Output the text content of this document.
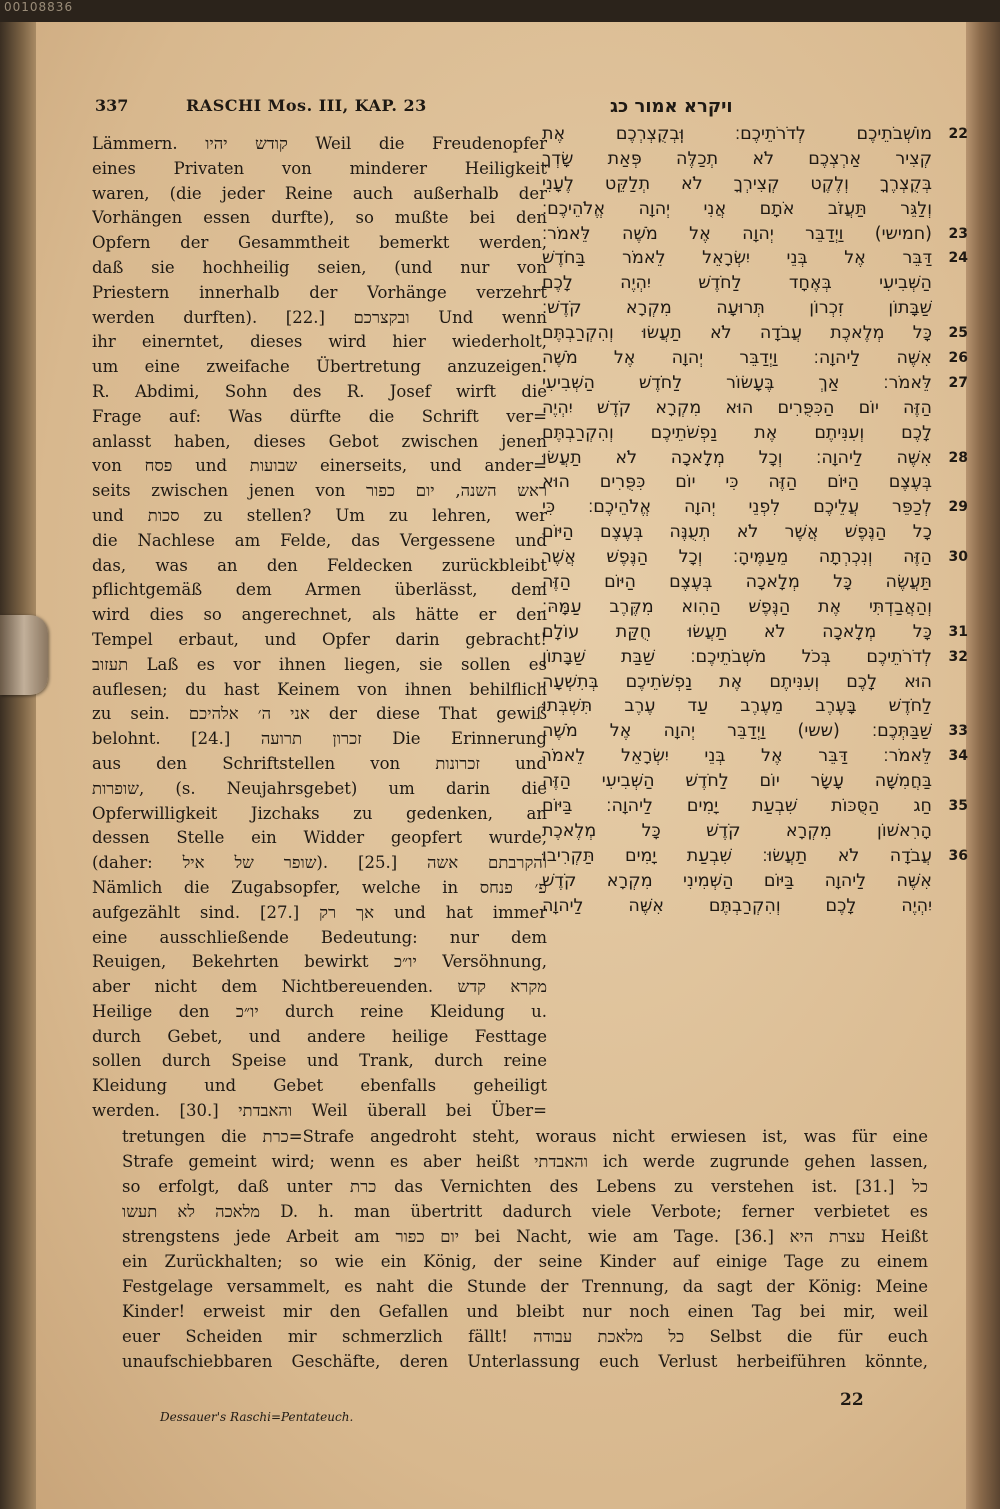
00108836
337	RASCHI Mos. III, KAP. 23	ויקרא אמור כג
Lämmern. קודש יהיו Weil die Freudenopfer
eines Privaten von minderer Heiligkeit
waren, (die jeder Reine auch außerhalb der
Vorhängen essen durfte), so mußte bei den
Opfern der Gesammtheit bemerkt werden,
daß sie hochheilig seien, (und nur von
Priestern innerhalb der Vorhänge verzehrt
werden durften). [22.] ובקצרכם Und wenn
ihr einerntet, dieses wird hier wiederholt,
um eine zweifache Übertretung anzuzeigen.
R. Abdimi, Sohn des R. Josef wirft die
Frage auf: Was dürfte die Schrift ver=
anlasst haben, dieses Gebot zwischen jenen
von פסח und שבועות einerseits, und ander=
seits zwischen jenen von ראש השנה, יום כפור
und סכות zu stellen? Um zu lehren, wer
die Nachlese am Felde, das Vergessene und
das, was an den Feldecken zurückbleibt
pflichtgemäß dem Armen überlässt, dem
wird dies so angerechnet, als hätte er den
Tempel erbaut, und Opfer darin gebracht!
תעזוב Laß es vor ihnen liegen, sie sollen es
auflesen; du hast Keinem von ihnen behilflich
zu sein. אני ה׳ אלהיכם der diese That gewiß
belohnt. [24.] זכרון תרועה Die Erinnerung
aus den Schriftstellen von זכרונות und
שופרות, (s. Neujahrsgebet) um darin die
Opferwilligkeit Jizchaks zu gedenken, an
dessen Stelle ein Widder geopfert wurde,
(daher: שופר של איל). [25.] והקרבתם אשה
Nämlich die Zugabsopfer, welche in פ׳ פנחס
aufgezählt sind. [27.] אך רק und hat immer
eine ausschließende Bedeutung: nur dem
Reuigen, Bekehrten bewirkt יו״כ Versöhnung,
aber nicht dem Nichtbereuenden. מקרא קדש
Heilige den יו״כ durch reine Kleidung u.
durch Gebet, und andere heilige Festtage
sollen durch Speise und Trank, durch reine
Kleidung und Gebet ebenfalls geheiligt
werden. [30.] והאבדתי Weil überall bei Über=
מוֹשְׁבֹתֵיכֶם לְדֹרֹתֵיכֶם׃ וּֽבְקֻצְרְכֶם אֶת	22
קְצִיר אַרְצְכֶם לֹא תְכַלֶּה פְּאַת שָׂדְךָ
בְּקֻצְרֶךָ וְלֶקֶט קְצִירְךָ לֹא תְלַקֵּט לֶעָנִי
וְלַגֵּר תַּעֲזֹב אֹתָם אֲנִי יְהוָה אֱלֹהֵיכֶם׃
(חמישי) וַיְדַבֵּר יְהוָה אֶל מֹשֶׁה לֵּאמֹר׃	23
דַּבֵּר אֶל בְּנֵי יִשְׂרָאֵל לֵאמֹר בַּחֹדֶשׁ	24
הַשְּׁבִיעִי בְּאֶחָד לַחֹדֶשׁ יִהְיֶה לָכֶם
שַׁבָּתוֹן זִכְרוֹן תְּרוּעָה מִקְרָא קֹדֶשׁ׃
כָּל מְלֶאכֶת עֲבֹדָה לֹא תַעֲשׂוּ וְהִקְרַבְתֶּם	25
אִשֶּׁה לַיהוָה׃ וַיְדַבֵּר יְהוָה אֶל מֹשֶׁה	26
לֵּאמֹר׃ אַךְ בֶּעָשׂוֹר לַחֹדֶשׁ הַשְּׁבִיעִי	27
הַזֶּה יוֹם הַכִּפֻּרִים הוּא מִקְרָא קֹדֶשׁ יִהְיֶה
לָכֶם וְעִנִּיתֶם אֶת נַפְשֹׁתֵיכֶם וְהִקְרַבְתֶּם
אִשֶּׁה לַיהוָה׃ וְכָל מְלָאכָה לֹא תַעֲשׂוּ	28
בְּעֶצֶם הַיּוֹם הַזֶּה כִּי יוֹם כִּפֻּרִים הוּא
לְכַפֵּר עֲלֵיכֶם לִפְנֵי יְהוָה אֱלֹהֵיכֶם׃ כִּי	29
כָל הַנֶּפֶשׁ אֲשֶׁר לֹא תְעֻנֶּה בְּעֶצֶם הַיּוֹם
הַזֶּה וְנִכְרְתָה מֵעַמֶּיהָ׃ וְכָל הַנֶּפֶשׁ אֲשֶׁר	30
תַּעֲשֶׂה כָּל מְלָאכָה בְּעֶצֶם הַיּוֹם הַזֶּה
וְהַאֲבַדְתִּי אֶת הַנֶּפֶשׁ הַהִוא מִקֶּרֶב עַמָּהּ׃
כָּל מְלָאכָה לֹא תַעֲשׂוּ חֻקַּת עוֹלָם	31
לְדֹרֹתֵיכֶם בְּכֹל מֹשְׁבֹתֵיכֶם׃ שַׁבַּת שַׁבָּתוֹן	32
הוּא לָכֶם וְעִנִּיתֶם אֶת נַפְשֹׁתֵיכֶם בְּתִשְׁעָה
לַחֹדֶשׁ בָּעֶרֶב מֵעֶרֶב עַד עֶרֶב תִּשְׁבְּתוּ
שַׁבַּתְּכֶם׃ (ששי) וַיְדַבֵּר יְהוָה אֶל מֹשֶׁה	33
לֵּאמֹר׃ דַּבֵּר אֶל בְּנֵי יִשְׂרָאֵל לֵאמֹר	34
בַּחֲמִשָּׁה עָשָׂר יוֹם לַחֹדֶשׁ הַשְּׁבִיעִי הַזֶּה
חַג הַסֻּכּוֹת שִׁבְעַת יָמִים לַיהוָה׃ בַּיּוֹם	35
הָרִאשׁוֹן מִקְרָא קֹדֶשׁ כָּל מְלֶאכֶת
עֲבֹדָה לֹא תַעֲשׂוּ׃ שִׁבְעַת יָמִים תַּקְרִיבוּ	36
אִשֶּׁה לַיהוָה בַּיּוֹם הַשְּׁמִינִי מִקְרָא קֹדֶשׁ
יִהְיֶה לָכֶם וְהִקְרַבְתֶּם אִשֶּׁה לַיהוָה
tretungen die כרת=Strafe angedroht steht, woraus nicht erwiesen ist, was für eine
Strafe gemeint wird; wenn es aber heißt והאבדתי ich werde zugrunde gehen lassen,
so erfolgt, daß unter כרת das Vernichten des Lebens zu verstehen ist. [31.] כל
מלאכה לא תעשו D. h. man übertritt dadurch viele Verbote; ferner verbietet es
strengstens jede Arbeit am יום כפור bei Nacht, wie am Tage. [36.] עצרת היא Heißt
ein Zurückhalten; so wie ein König, der seine Kinder auf einige Tage zu einem
Festgelage versammelt, es naht die Stunde der Trennung, da sagt der König: Meine
Kinder! erweist mir den Gefallen und bleibt nur noch einen Tag bei mir, weil
euer Scheiden mir schmerzlich fällt! כל מלאכת עבודה Selbst die für euch
unaufschiebbaren Geschäfte, deren Unterlassung euch Verlust herbeiführen könnte,
Dessauer's Raschi=Pentateuch.
22
